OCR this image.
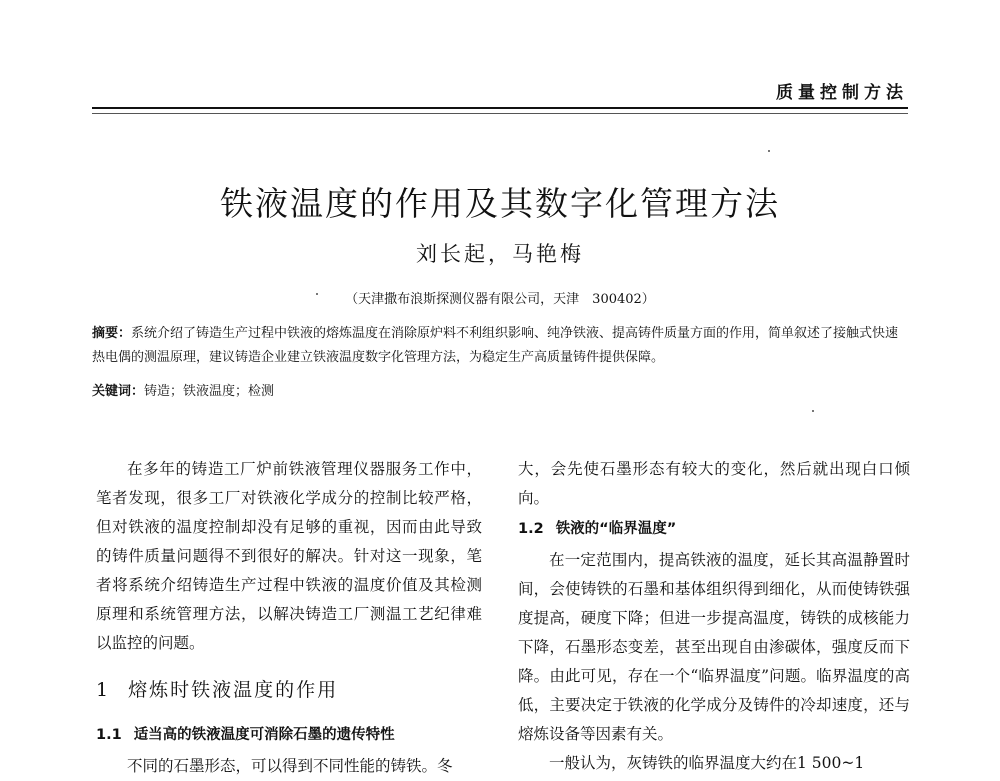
质量控制方法
铁液温度的作用及其数字化管理方法
刘长起，马艳梅
（天津撒布浪斯探测仪器有限公司，天津　300402）
摘要：系统介绍了铸造生产过程中铁液的熔炼温度在消除原炉料不利组织影响、纯净铁液、提高铸件质量方面的作用，简单叙述了接触式快速热电偶的测温原理，建议铸造企业建立铁液温度数字化管理方法，为稳定生产高质量铸件提供保障。
关键词：铸造；铁液温度；检测

在多年的铸造工厂炉前铁液管理仪器服务工作中，笔者发现，很多工厂对铁液化学成分的控制比较严格，但对铁液的温度控制却没有足够的重视，因而由此导致的铸件质量问题得不到很好的解决。针对这一现象，笔者将系统介绍铸造生产过程中铁液的温度价值及其检测原理和系统管理方法，以解决铸造工厂测温工艺纪律难以监控的问题。

1 熔炼时铁液温度的作用
1.1 适当高的铁液温度可消除石墨的遗传特性

不同的石墨形态，可以得到不同性能的铸铁。冬

大，会先使石墨形态有较大的变化，然后就出现白口倾向。

1.2 铁液的“临界温度”

在一定范围内，提高铁液的温度，延长其高温静置时间，会使铸铁的石墨和基体组织得到细化，从而使铸铁强度提高，硬度下降；但进一步提高温度，铸铁的成核能力下降，石墨形态变差，甚至出现自由渗碳体，强度反而下降。由此可见，存在一个“临界温度”问题。临界温度的高低，主要决定于铁液的化学成分及铸件的冷却速度，还与熔炼设备等因素有关。

一般认为，灰铸铁的临界温度大约在1 500~1
